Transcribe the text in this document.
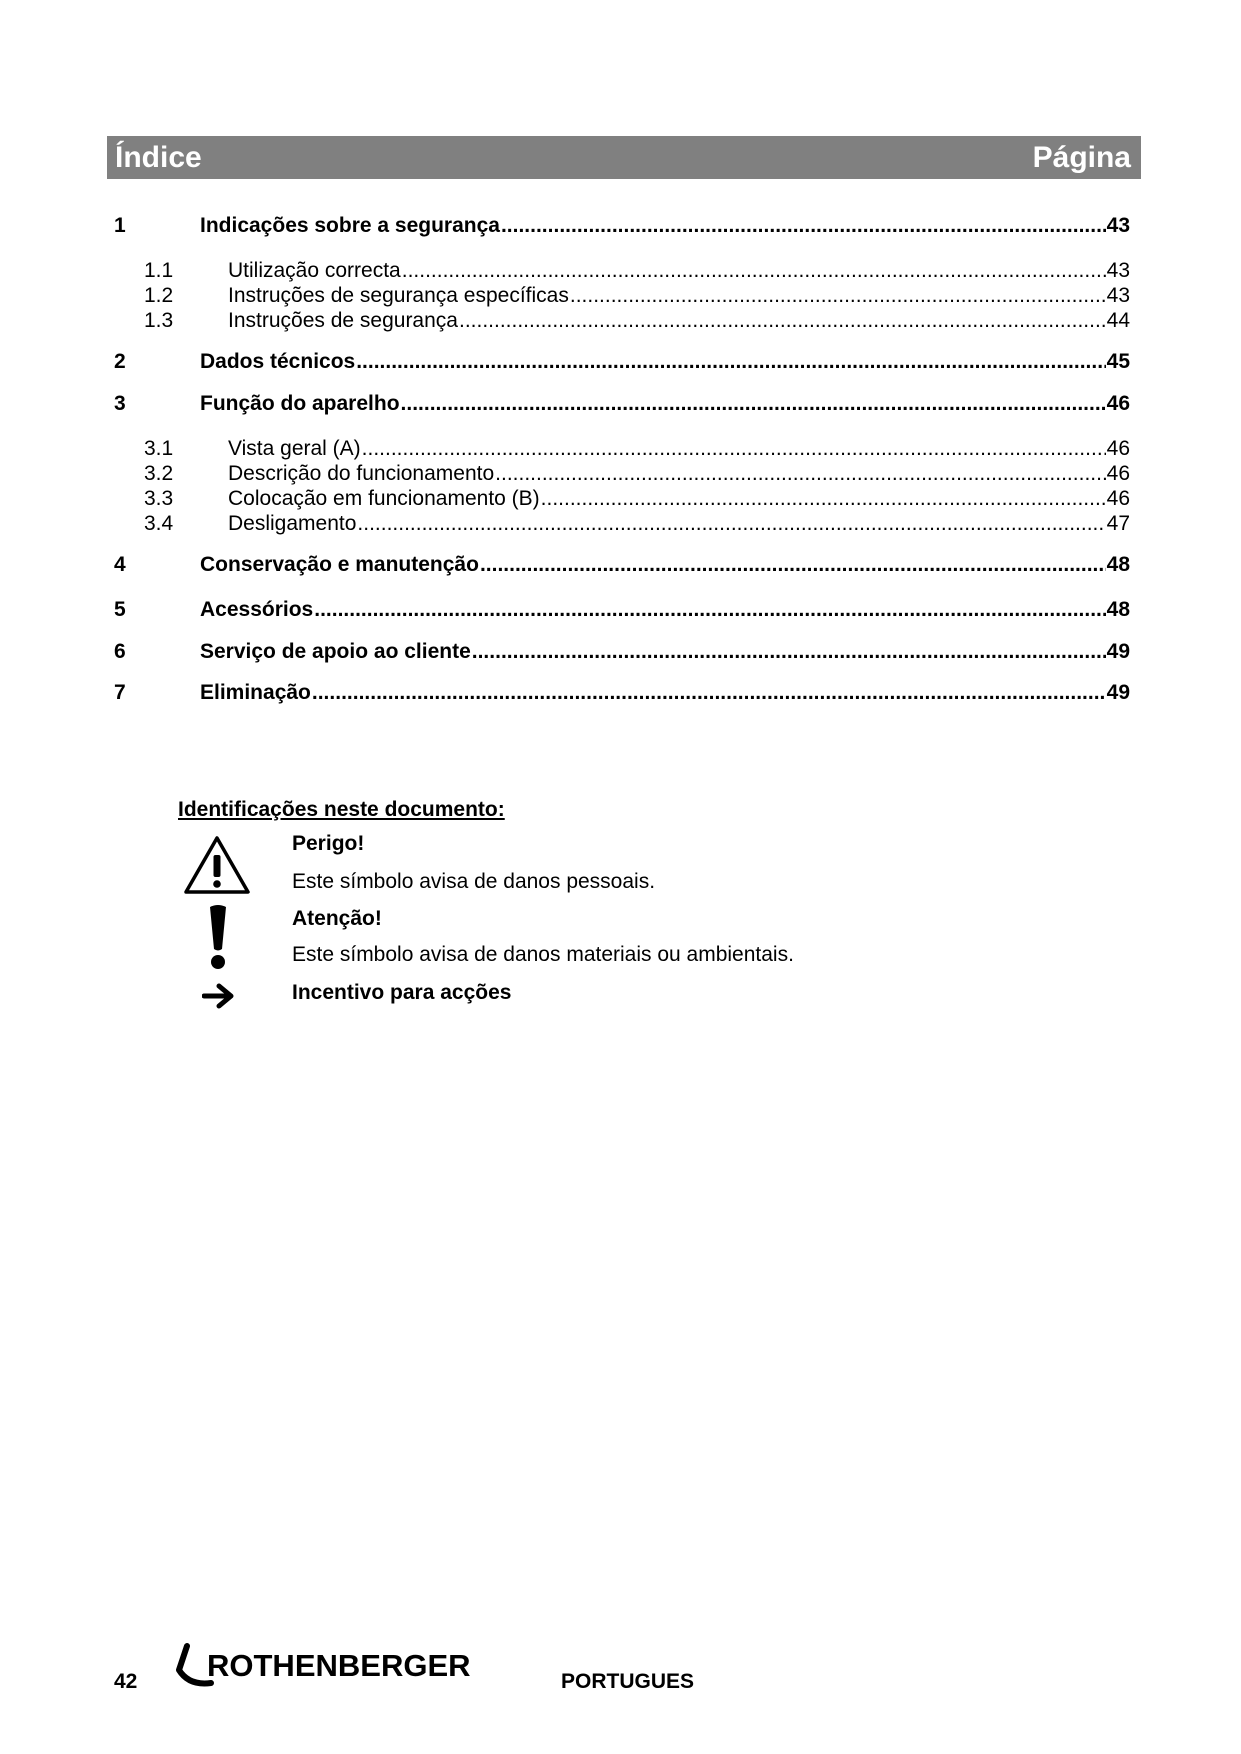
Índice	Página
1	Indicações sobre a segurança .....	43
1.1	Utilização correcta .....	43
1.2	Instruções de segurança específicas .....	43
1.3	Instruções de segurança .....	44
2	Dados técnicos .....	45
3	Função do aparelho .....	46
3.1	Vista geral (A) .....	46
3.2	Descrição do funcionamento .....	46
3.3	Colocação em funcionamento (B) .....	46
3.4	Desligamento .....	47
4	Conservação e manutenção .....	48
5	Acessórios .....	48
6	Serviço de apoio ao cliente .....	49
7	Eliminação .....	49
Identificações neste documento:
Perigo!
Este símbolo avisa de danos pessoais.
Atenção!
Este símbolo avisa de danos materiais ou ambientais.
Incentivo para acções
42 ROTHENBERGER	PORTUGUES
